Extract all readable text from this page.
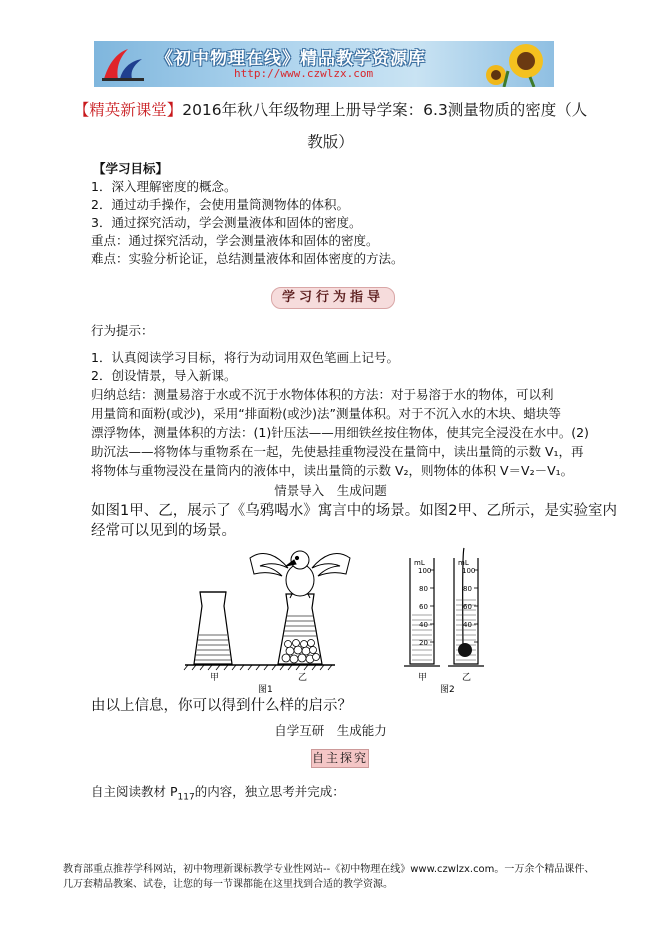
《初中物理在线》精品教学资源库
http://www.czwlzx.com
【精英新课堂】2016年秋八年级物理上册导学案：6.3测量物质的密度（人
教版）
【学习目标】
1．深入理解密度的概念。
2．通过动手操作，会使用量筒测物体的体积。
3．通过探究活动，学会测量液体和固体的密度。
重点：通过探究活动，学会测量液体和固体的密度。
难点：实验分析论证，总结测量液体和固体密度的方法。
学习行为指导
行为提示：
1．认真阅读学习目标，将行为动词用双色笔画上记号。
2．创设情景，导入新课。
归纳总结：测量易溶于水或不沉于水物体体积的方法：对于易溶于水的物体，可以利
用量筒和面粉(或沙)，采用“排面粉(或沙)法”测量体积。对于不沉入水的木块、蜡块等
漂浮物体，测量体积的方法：(1)针压法——用细铁丝按住物体，使其完全浸没在水中。(2)
助沉法——将物体与重物系在一起，先使悬挂重物浸没在量筒中，读出量筒的示数 V₁，再
将物体与重物浸没在量筒内的液体中，读出量筒的示数 V₂，则物体的体积 V＝V₂－V₁。
情景导入　生成问题
如图1甲、乙，展示了《乌鸦喝水》寓言中的场景。如图2甲、乙所示，是实验室内
经常可以见到的场景。
mL
100
80
60
40
20
mL
100
80
60
40
甲	乙
图1
甲	乙
图2
由以上信息，你可以得到什么样的启示？
自学互研　生成能力
自主探究
自主阅读教材 $P_{117}$的内容，独立思考并完成：
教育部重点推荐学科网站，初中物理新课标教学专业性网站--《初中物理在线》www.czwlzx.com。一万余个精品课件、
几万套精品教案、试卷，让您的每一节课都能在这里找到合适的教学资源。
